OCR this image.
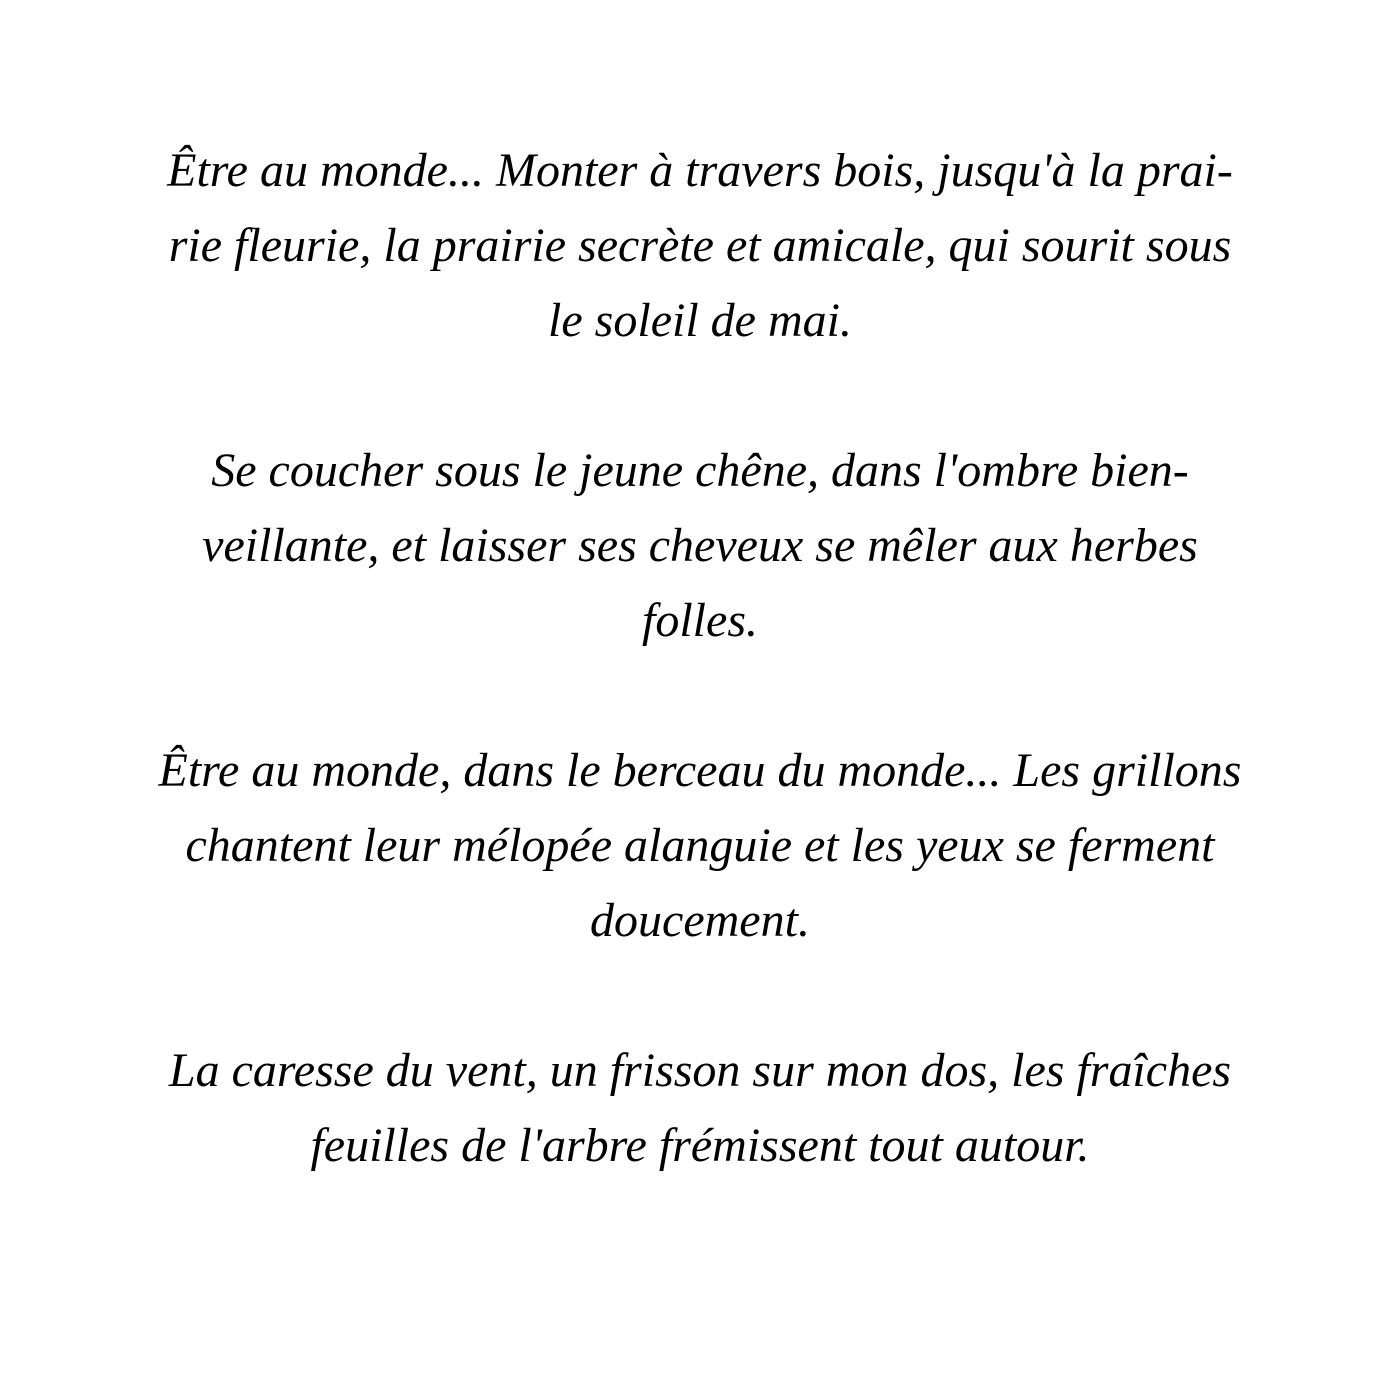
Être au monde... Monter à travers bois, jusqu'à la prai-
rie fleurie, la prairie secrète et amicale, qui sourit sous
le soleil de mai.

Se coucher sous le jeune chêne, dans l'ombre bien-
veillante, et laisser ses cheveux se mêler aux herbes
folles.

Être au monde, dans le berceau du monde... Les grillons
chantent leur mélopée alanguie et les yeux se ferment
doucement.

La caresse du vent, un frisson sur mon dos, les fraîches
feuilles de l'arbre frémissent tout autour.
